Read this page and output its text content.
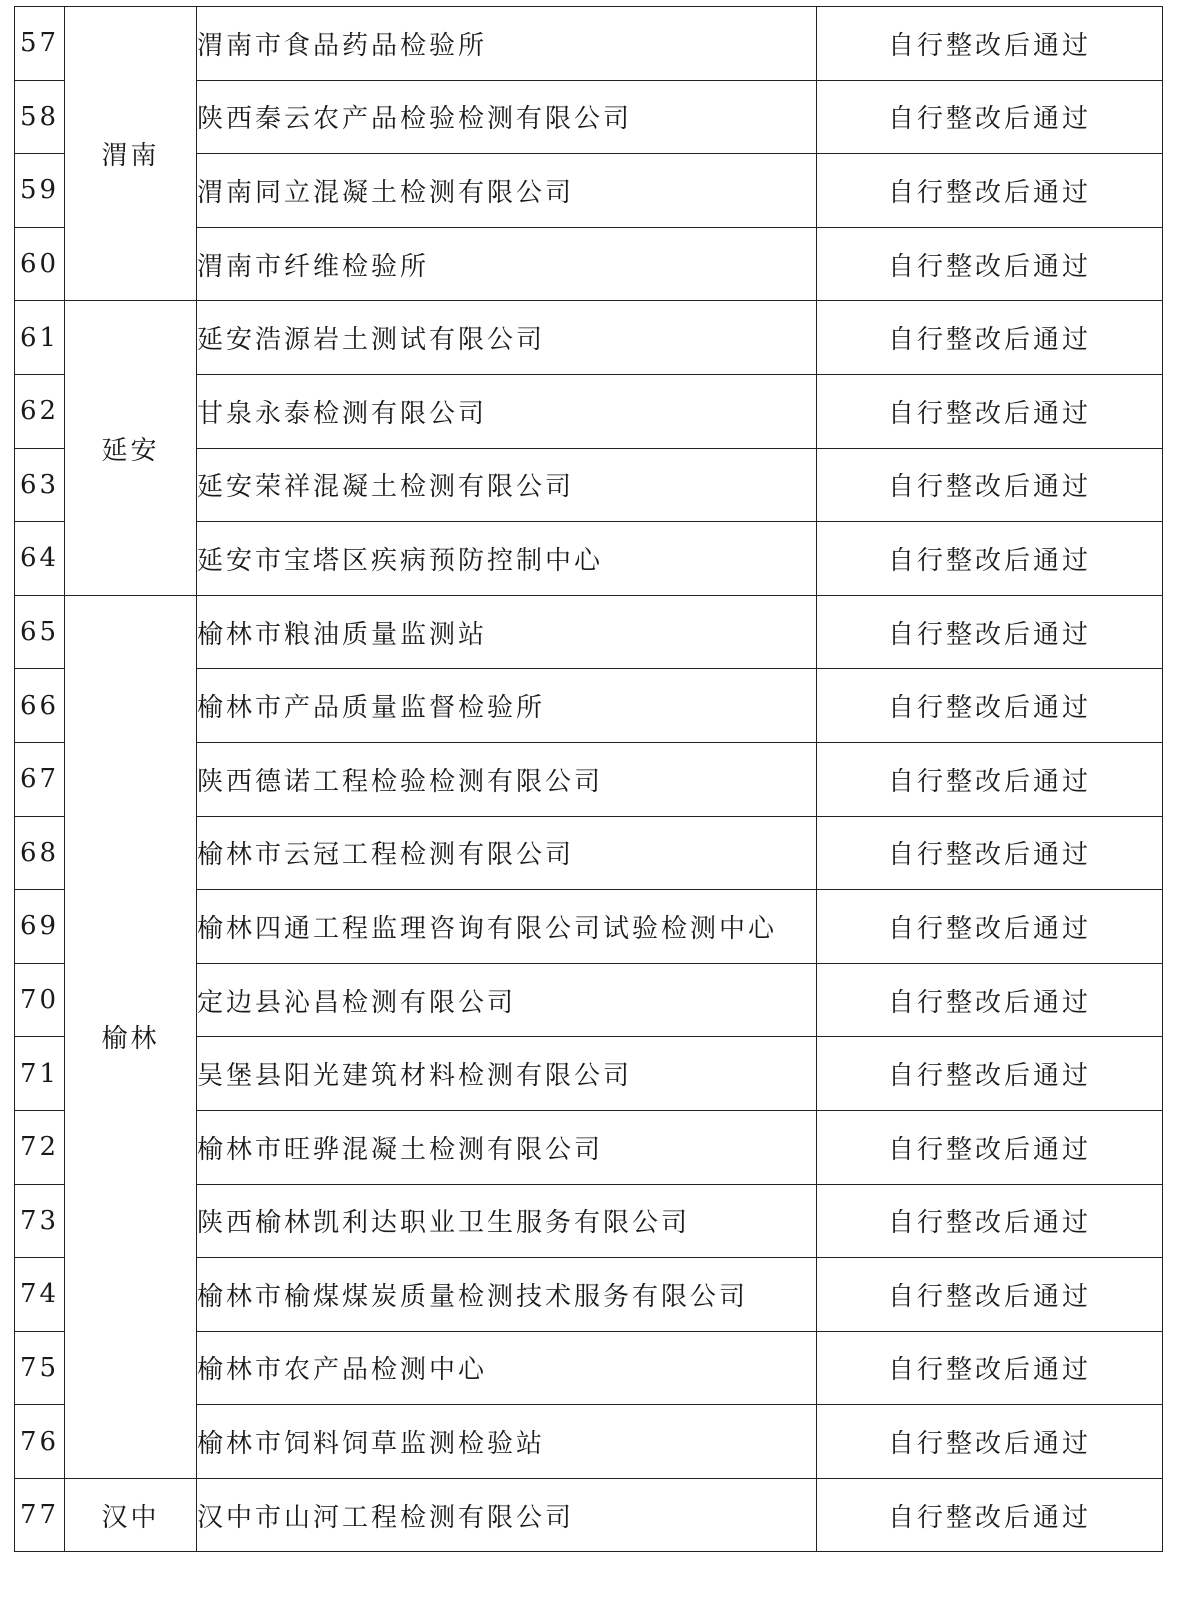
57	渭南	渭南市食品药品检验所	自行整改后通过
58		陕西秦云农产品检验检测有限公司	自行整改后通过
59		渭南同立混凝土检测有限公司	自行整改后通过
60		渭南市纤维检验所	自行整改后通过
61	延安	延安浩源岩土测试有限公司	自行整改后通过
62		甘泉永泰检测有限公司	自行整改后通过
63		延安荣祥混凝土检测有限公司	自行整改后通过
64		延安市宝塔区疾病预防控制中心	自行整改后通过
65	榆林	榆林市粮油质量监测站	自行整改后通过
66		榆林市产品质量监督检验所	自行整改后通过
67		陕西德诺工程检验检测有限公司	自行整改后通过
68		榆林市云冠工程检测有限公司	自行整改后通过
69		榆林四通工程监理咨询有限公司试验检测中心	自行整改后通过
70		定边县沁昌检测有限公司	自行整改后通过
71		吴堡县阳光建筑材料检测有限公司	自行整改后通过
72		榆林市旺骅混凝土检测有限公司	自行整改后通过
73		陕西榆林凯利达职业卫生服务有限公司	自行整改后通过
74		榆林市榆煤煤炭质量检测技术服务有限公司	自行整改后通过
75		榆林市农产品检测中心	自行整改后通过
76		榆林市饲料饲草监测检验站	自行整改后通过
77	汉中	汉中市山河工程检测有限公司	自行整改后通过
